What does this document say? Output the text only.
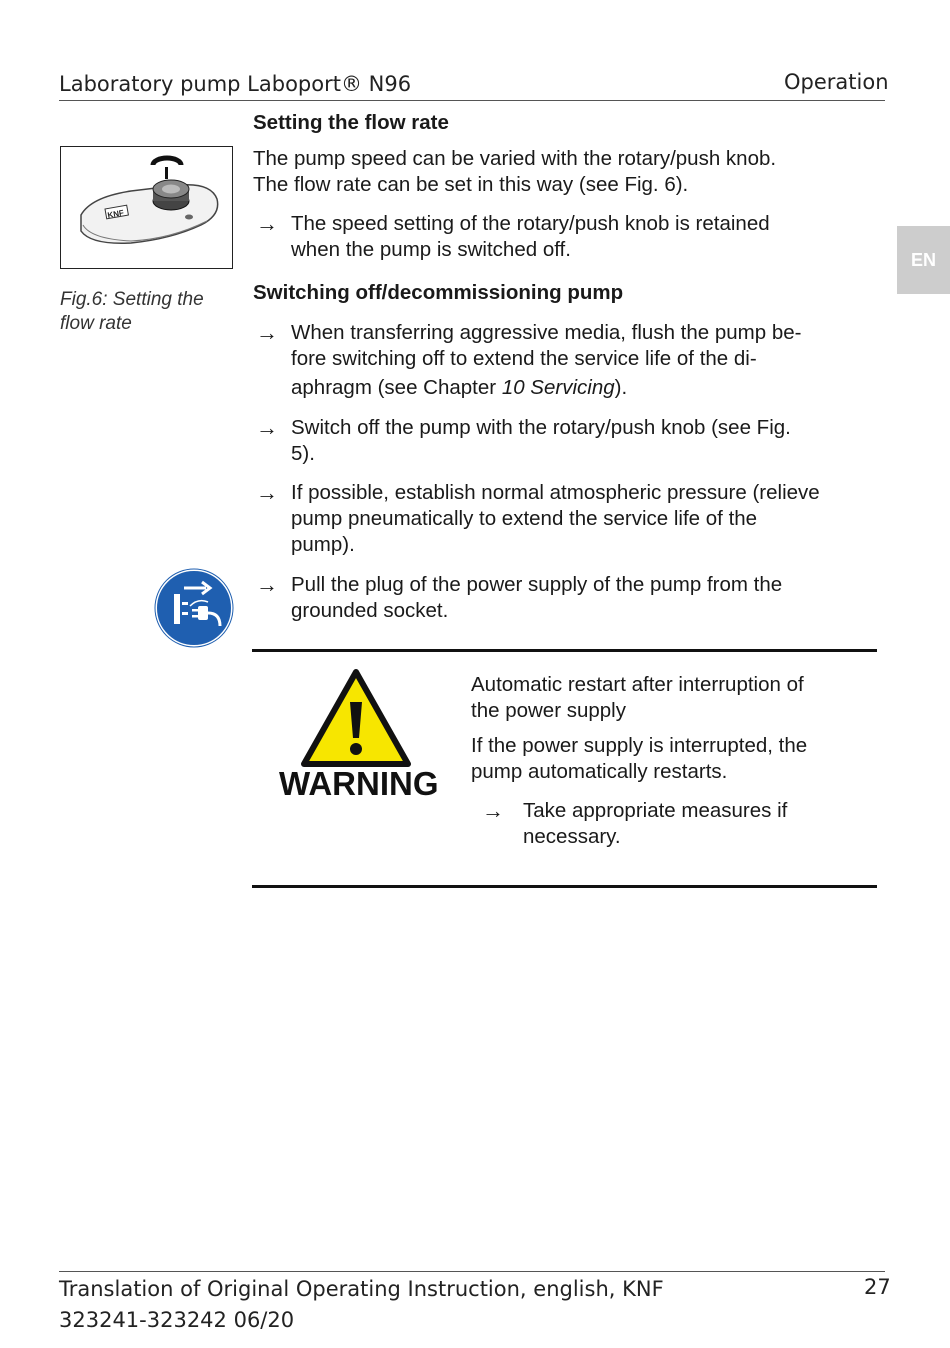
Laboratory pump Laboport® N96	Operation
EN
KNF
Fig.6: Setting the
flow rate
Setting the flow rate
The pump speed can be varied with the rotary/push knob.
The flow rate can be set in this way (see Fig. 6).
→ The speed setting of the rotary/push knob is retained
when the pump is switched off.
Switching off/decommissioning pump
→ When transferring aggressive media, flush the pump be-
fore switching off to extend the service life of the di-
aphragm (see Chapter 10 Servicing).
→ Switch off the pump with the rotary/push knob (see Fig.
5).
→ If possible, establish normal atmospheric pressure (relieve
pump pneumatically to extend the service life of the
pump).
→ Pull the plug of the power supply of the pump from the
grounded socket.
WARNING
Automatic restart after interruption of
the power supply
If the power supply is interrupted, the
pump automatically restarts.
→ Take appropriate measures if
necessary.
Translation of Original Operating Instruction, english, KNF
323241-323242 06/20
27
